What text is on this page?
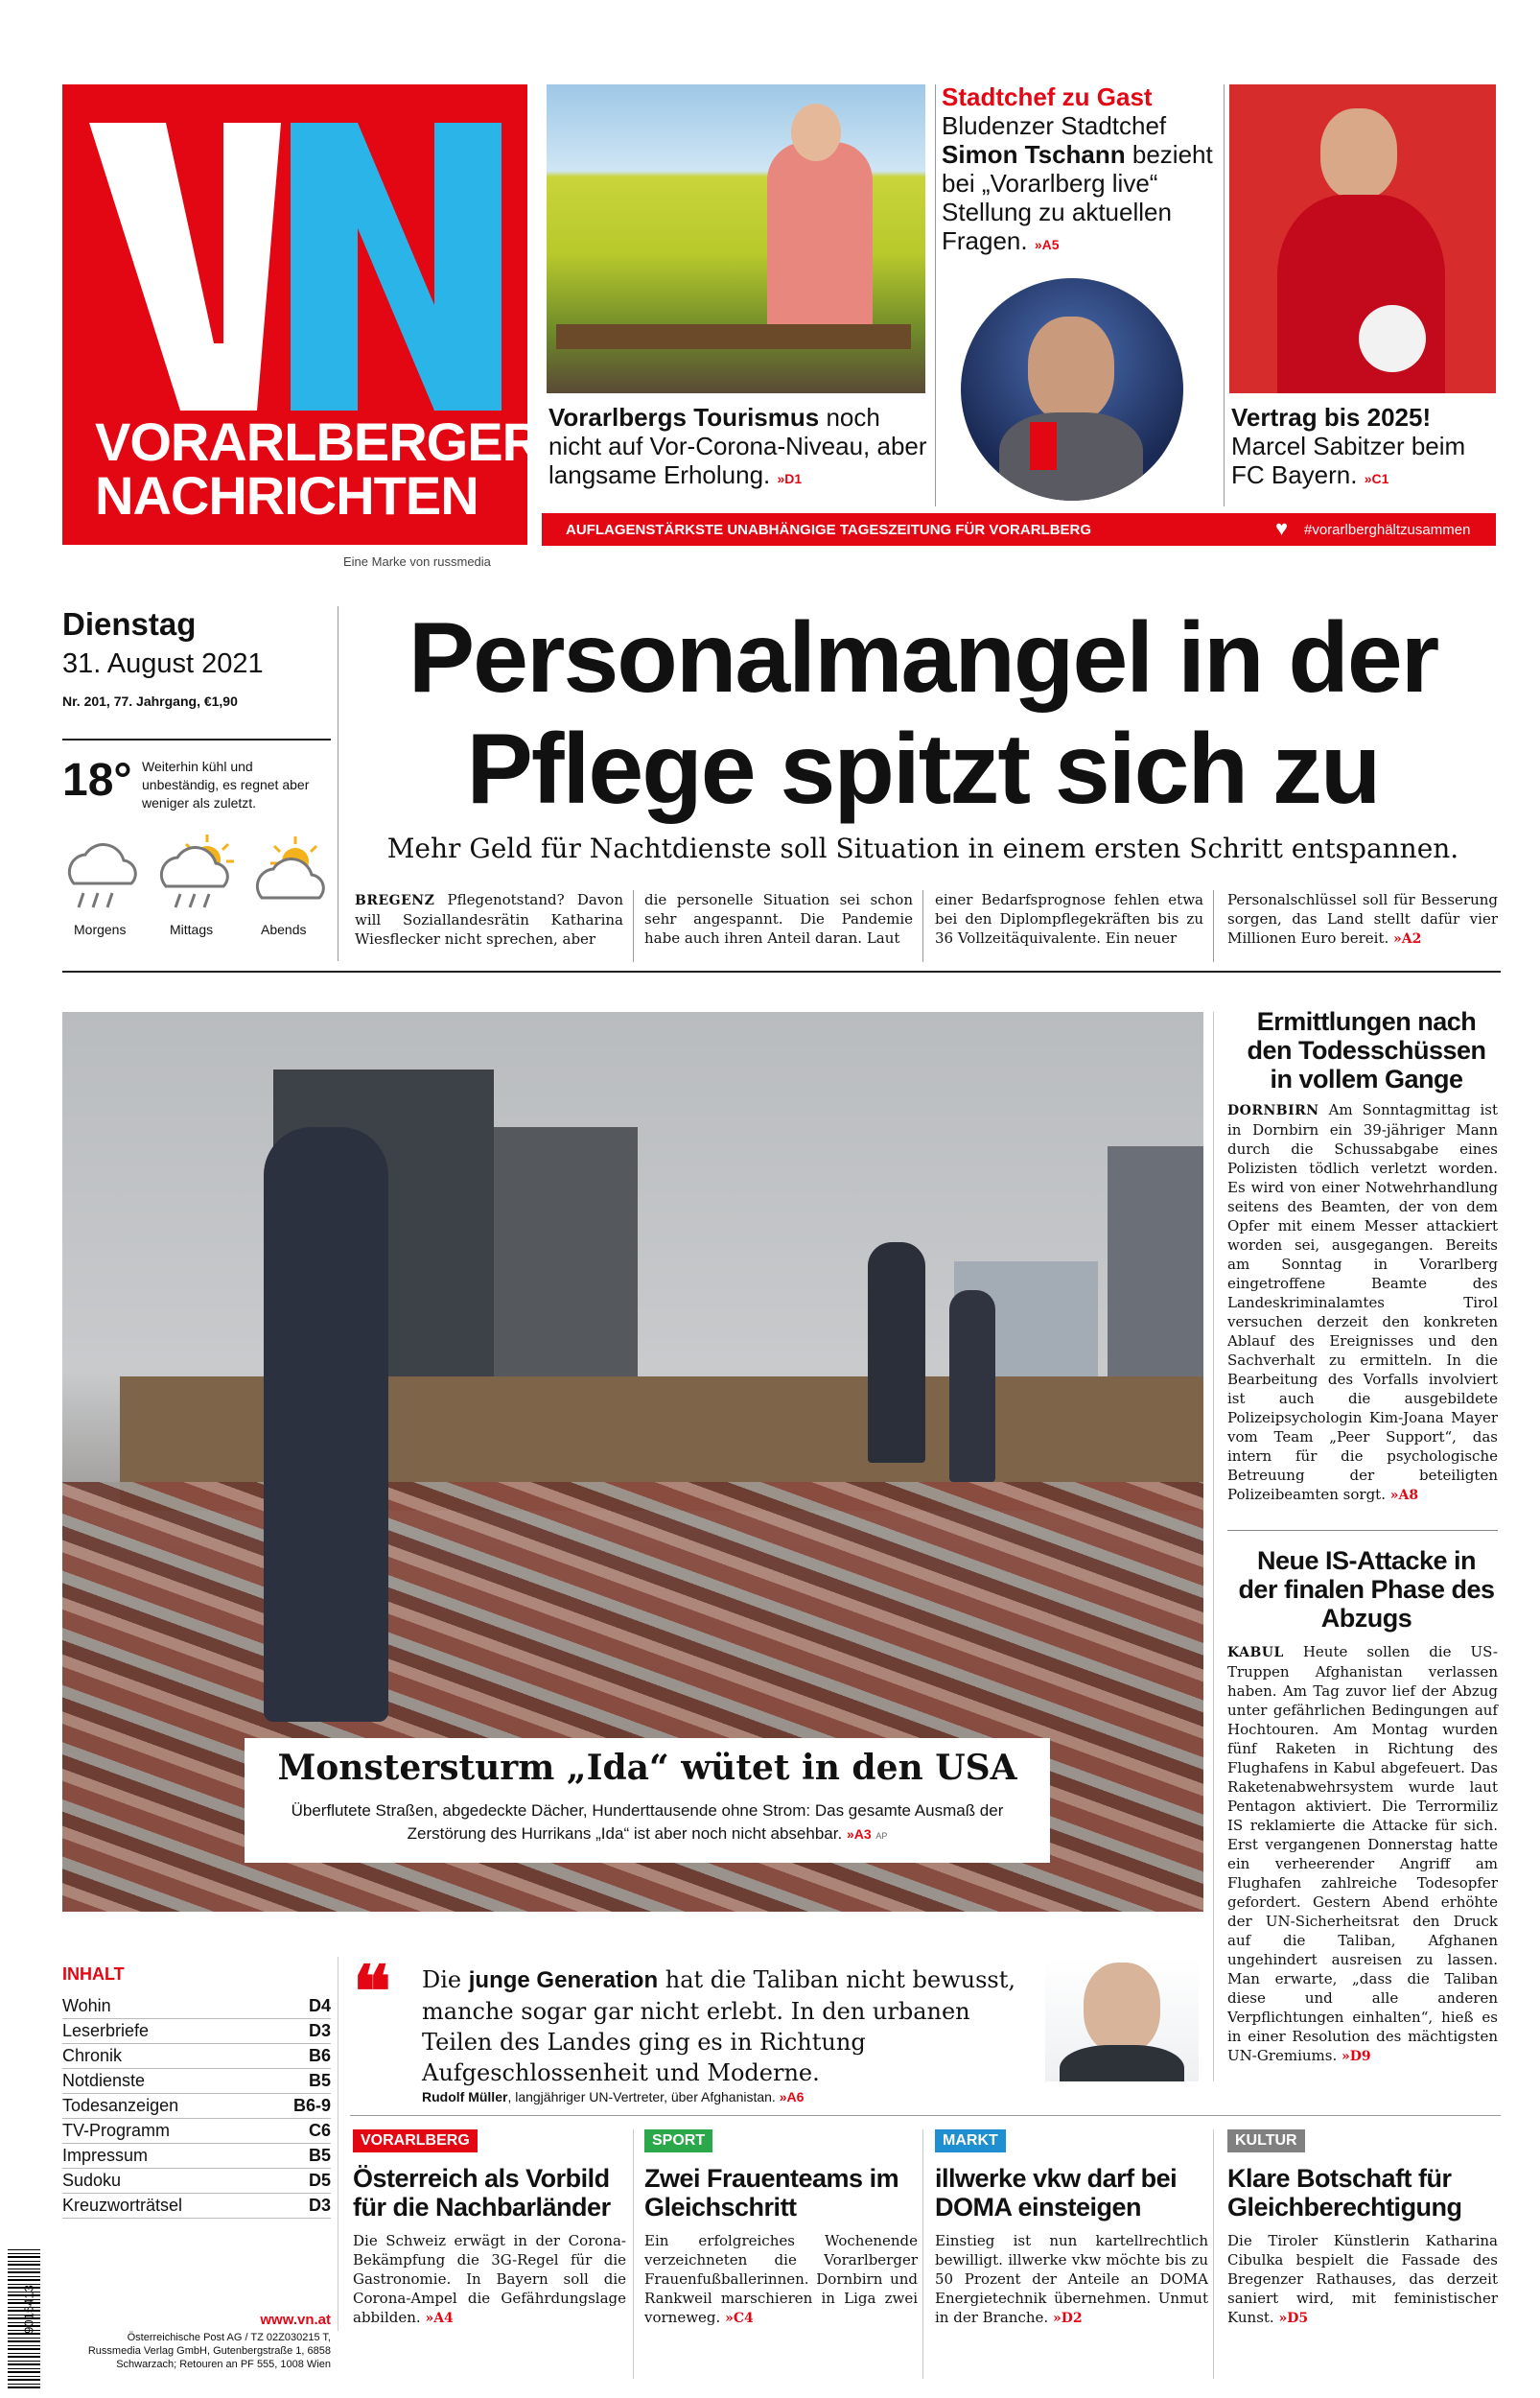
VORARLBERGER
NACHRICHTEN
Eine Marke von russmedia
Vorarlbergs Tourismus noch nicht auf Vor-Corona-Niveau, aber langsame Erholung. »D1
Stadtchef zu Gast
Bludenzer Stadtchef
Simon Tschann bezieht bei „Vorarlberg live“ Stellung zu aktuellen Fragen. »A5
Vertrag bis 2025! Marcel Sabitzer beim FC Bayern. »C1
AUFLAGENSTÄRKSTE UNABHÄNGIGE TAGESZEITUNG FÜR VORARLBERG	♥ #vorarlberghältzusammen
Dienstag
31. August 2021
Nr. 201, 77. Jahrgang, €1,90
18° Weiterhin kühl und unbeständig, es regnet aber weniger als zuletzt.
Morgens	Mittags	Abends
Personalmangel in der
Pflege spitzt sich zu
Mehr Geld für Nachtdienste soll Situation in einem ersten Schritt entspannen.
BREGENZ Pflegenotstand? Davon will Soziallandesrätin Katharina Wiesflecker nicht sprechen, aber
die personelle Situation sei schon sehr angespannt. Die Pandemie habe auch ihren Anteil daran. Laut
einer Bedarfsprognose fehlen etwa bei den Diplompflegekräften bis zu 36 Vollzeitäquivalente. Ein neuer
Personalschlüssel soll für Besserung sorgen, das Land stellt dafür vier Millionen Euro bereit. »A2
Monstersturm „Ida“ wütet in den USA
Überflutete Straßen, abgedeckte Dächer, Hunderttausende ohne Strom: Das gesamte Ausmaß der Zerstörung des Hurrikans „Ida“ ist aber noch nicht absehbar. »A3 AP
Ermittlungen nach den Todesschüssen in vollem Gange
DORNBIRN Am Sonntagmittag ist in Dornbirn ein 39-jähriger Mann durch die Schussabgabe eines Polizisten tödlich verletzt worden. Es wird von einer Notwehrhandlung seitens des Beamten, der von dem Opfer mit einem Messer attackiert worden sei, ausgegangen. Bereits am Sonntag in Vorarlberg eingetroffene Beamte des Landeskriminalamtes Tirol versuchen derzeit den konkreten Ablauf des Ereignisses und den Sachverhalt zu ermitteln. In die Bearbeitung des Vorfalls involviert ist auch die ausgebildete Polizeipsychologin Kim-Joana Mayer vom Team „Peer Support“, das intern für die psychologische Betreuung der beteiligten Polizeibeamten sorgt. »A8
Neue IS-Attacke in der finalen Phase des Abzugs
KABUL Heute sollen die US-Truppen Afghanistan verlassen haben. Am Tag zuvor lief der Abzug unter gefährlichen Bedingungen auf Hochtouren. Am Montag wurden fünf Raketen in Richtung des Flughafens in Kabul abgefeuert. Das Raketenabwehrsystem wurde laut Pentagon aktiviert. Die Terrormiliz IS reklamierte die Attacke für sich. Erst vergangenen Donnerstag hatte ein verheerender Angriff am Flughafen zahlreiche Todesopfer gefordert. Gestern Abend erhöhte der UN-Sicherheitsrat den Druck auf die Taliban, Afghanen ungehindert ausreisen zu lassen. Man erwarte, „dass die Taliban diese und alle anderen Verpflichtungen einhalten“, hieß es in einer Resolution des mächtigsten UN-Gremiums. »D9
INHALT
Wohin	D4
Leserbriefe	D3
Chronik	B6
Notdienste	B5
Todesanzeigen	B6-9
TV-Programm	C6
Impressum	B5
Sudoku	D5
Kreuzworträtsel	D3
❝ Die junge Generation hat die Taliban nicht bewusst, manche sogar gar nicht erlebt. In den urbanen Teilen des Landes ging es in Richtung Aufgeschlossenheit und Moderne.
Rudolf Müller, langjähriger UN-Vertreter, über Afghanistan. »A6
VORARLBERG
Österreich als Vorbild für die Nachbarländer
Die Schweiz erwägt in der Corona-Bekämpfung die 3G-Regel für die Gastronomie. In Bayern soll die Corona-Ampel die Gefährdungslage abbilden. »A4
SPORT
Zwei Frauenteams im Gleichschritt
Ein erfolgreiches Wochenende verzeichneten die Vorarlberger Frauenfußballerinnen. Dornbirn und Rankweil marschieren in Liga zwei vorneweg. »C4
MARKT
illwerke vkw darf bei DOMA einsteigen
Einstieg ist nun kartellrechtlich bewilligt. illwerke vkw möchte bis zu 50 Prozent der Anteile an DOMA Energietechnik übernehmen. Unmut in der Branche. »D2
KULTUR
Klare Botschaft für Gleichberechtigung
Die Tiroler Künstlerin Katharina Cibulka bespielt die Fassade des Bregenzer Rathauses, das derzeit saniert wird, mit feministischer Kunst. »D5
9015413	www.vn.at
Österreichische Post AG / TZ 02Z030215 T, Russmedia Verlag GmbH, Gutenbergstraße 1, 6858 Schwarzach; Retouren an PF 555, 1008 Wien
